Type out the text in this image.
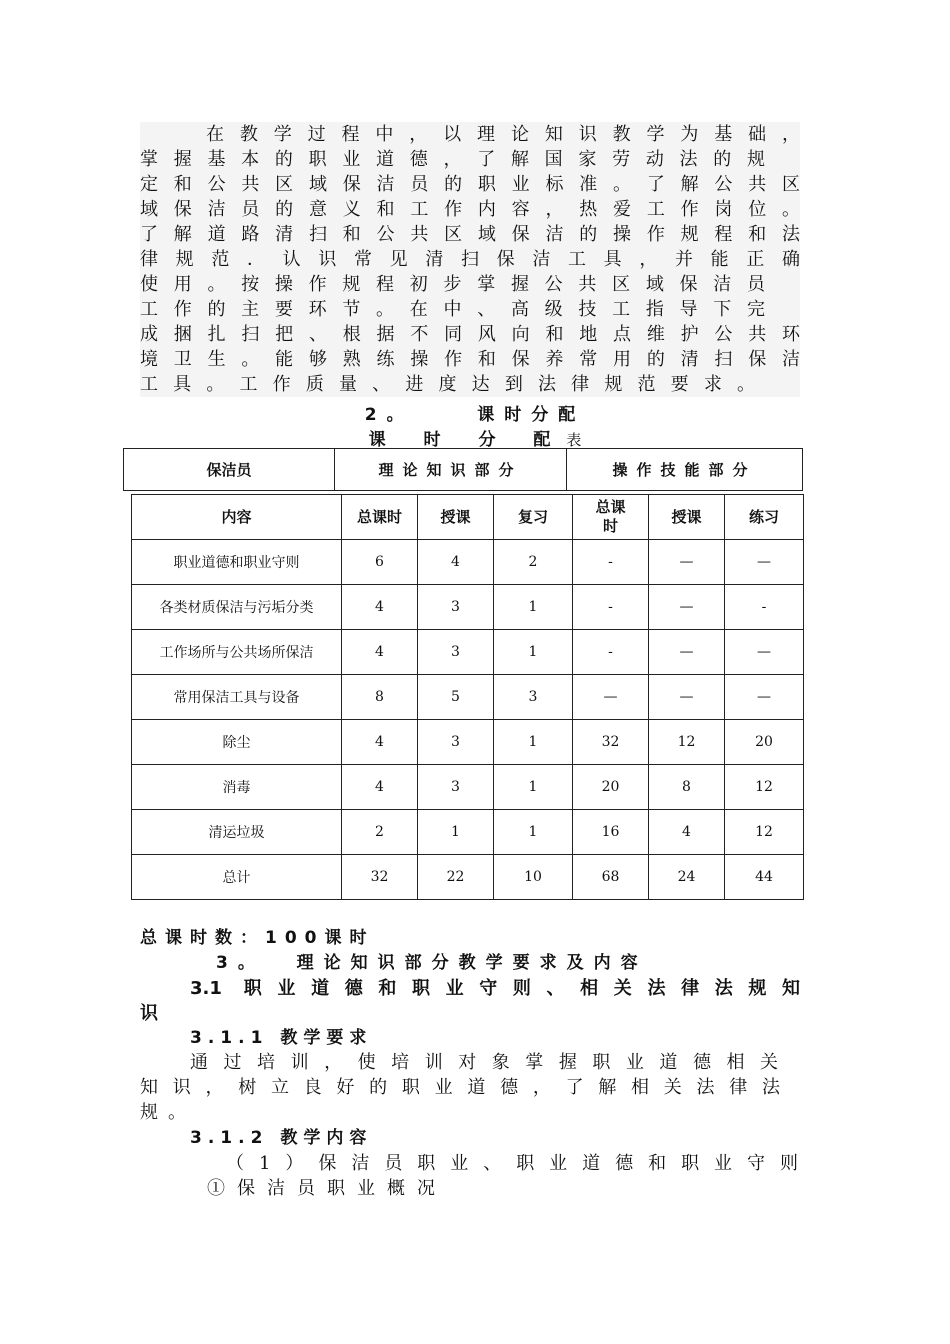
在教学过程中，以理论知识教学为基础，
掌握基本的职业道德，了解国家劳动法的规
定和公共区域保洁员的职业标准。了解公共区
域保洁员的意义和工作内容，热爱工作岗位。
了解道路清扫和公共区域保洁的操作规程和法
律规范．认识常见清扫保洁工具，并能正确
使用。按操作规程初步掌握公共区域保洁员
工作的主要环节。在中、高级技工指导下完
成捆扎扫把、根据不同风向和地点维护公共环
境卫生。能够熟练操作和保养常用的清扫保洁
工具。工作质量、进度达到法律规范要求。
2。    课时分配
课 时 分 配表
保洁员	理论知识部分	操作技能部分
内容	总课时	授课	复习	总课时	授课	练习
职业道德和职业守则	6	4	2	-	—	—
各类材质保洁与污垢分类	4	3	1	-	—	-
工作场所与公共场所保洁	4	3	1	-	—	—
常用保洁工具与设备	8	5	3	—	—	—
除尘	4	3	1	32	12	20
消毒	4	3	1	20	8	12
清运垃圾	2	1	1	16	4	12
总计	32	22	10	68	24	44
总课时数：100课时
3。  理论知识部分教学要求及内容
3.1 职业道德和职业守则、相关法律法规知
识
3.1.1 教学要求
通过培训，使培训对象掌握职业道德相关
知识，树立良好的职业道德，了解相关法律法
规。
3.1.2 教学内容
（1）保洁员职业、职业道德和职业守则
①保洁员职业概况
